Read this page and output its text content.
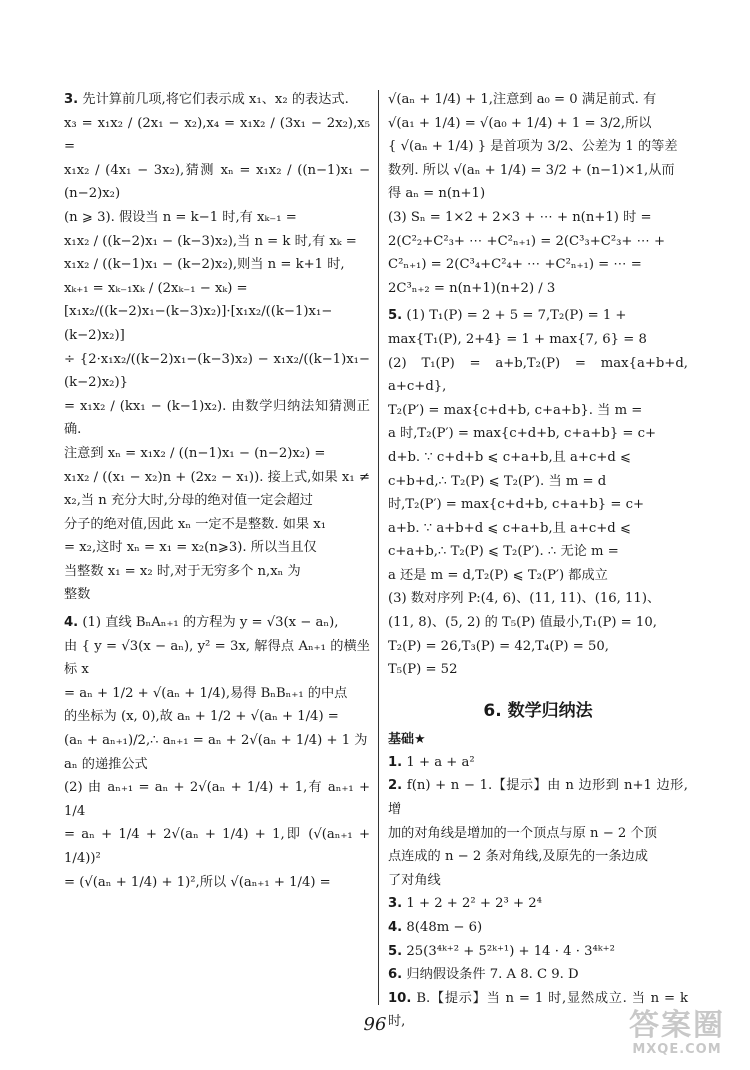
3. 先计算前几项,将它们表示成 x₁、x₂ 的表达式.
x₃ = x₁x₂ / (2x₁ − x₂),x₄ = x₁x₂ / (3x₁ − 2x₂),x₅ =
x₁x₂ / (4x₁ − 3x₂),猜测 xₙ = x₁x₂ / ((n−1)x₁ − (n−2)x₂)
(n ⩾ 3). 假设当 n = k−1 时,有 xₖ₋₁ =
x₁x₂ / ((k−2)x₁ − (k−3)x₂),当 n = k 时,有 xₖ =
x₁x₂ / ((k−1)x₁ − (k−2)x₂),则当 n = k+1 时,
xₖ₊₁ = xₖ₋₁xₖ / (2xₖ₋₁ − xₖ) =
[x₁x₂/((k−2)x₁−(k−3)x₂)]·[x₁x₂/((k−1)x₁−(k−2)x₂)]
÷ {2·x₁x₂/((k−2)x₁−(k−3)x₂) − x₁x₂/((k−1)x₁−(k−2)x₂)}
= x₁x₂ / (kx₁ − (k−1)x₂). 由数学归纳法知猜测正确.
注意到 xₙ = x₁x₂ / ((n−1)x₁ − (n−2)x₂) =
x₁x₂ / ((x₁ − x₂)n + (2x₂ − x₁)). 接上式,如果 x₁ ≠
x₂,当 n 充分大时,分母的绝对值一定会超过
分子的绝对值,因此 xₙ 一定不是整数. 如果 x₁
= x₂,这时 xₙ = x₁ = x₂(n⩾3). 所以当且仅
当整数 x₁ = x₂ 时,对于无穷多个 n,xₙ 为
整数
4. (1) 直线 BₙAₙ₊₁ 的方程为 y = √3(x − aₙ),
由 { y = √3(x − aₙ), y² = 3x, 解得点 Aₙ₊₁ 的横坐标 x
= aₙ + 1/2 + √(aₙ + 1/4),易得 BₙBₙ₊₁ 的中点
的坐标为 (x, 0),故 aₙ + 1/2 + √(aₙ + 1/4) =
(aₙ + aₙ₊₁)/2,∴ aₙ₊₁ = aₙ + 2√(aₙ + 1/4) + 1 为
aₙ 的递推公式
(2) 由 aₙ₊₁ = aₙ + 2√(aₙ + 1/4) + 1,有 aₙ₊₁ + 1/4
= aₙ + 1/4 + 2√(aₙ + 1/4) + 1,即 (√(aₙ₊₁ + 1/4))²
= (√(aₙ + 1/4) + 1)²,所以 √(aₙ₊₁ + 1/4) =
√(aₙ + 1/4) + 1,注意到 a₀ = 0 满足前式. 有
√(a₁ + 1/4) = √(a₀ + 1/4) + 1 = 3/2,所以
{ √(aₙ + 1/4) } 是首项为 3/2、公差为 1 的等差
数列. 所以 √(aₙ + 1/4) = 3/2 + (n−1)×1,从而
得 aₙ = n(n+1)
(3) Sₙ = 1×2 + 2×3 + ⋯ + n(n+1) 时 =
2(C²₂+C²₃+ ⋯ +C²ₙ₊₁) = 2(C³₃+C²₃+ ⋯ +
C²ₙ₊₁) = 2(C³₄+C²₄+ ⋯ +C²ₙ₊₁) = ⋯ =
2C³ₙ₊₂ = n(n+1)(n+2) / 3
5. (1) T₁(P) = 2 + 5 = 7,T₂(P) = 1 +
max{T₁(P), 2+4} = 1 + max{7, 6} = 8
(2) T₁(P) = a+b,T₂(P) = max{a+b+d, a+c+d},
T₂(P′) = max{c+d+b, c+a+b}. 当 m =
a 时,T₂(P′) = max{c+d+b, c+a+b} = c+
d+b. ∵ c+d+b ⩽ c+a+b,且 a+c+d ⩽
c+b+d,∴ T₂(P) ⩽ T₂(P′). 当 m = d
时,T₂(P′) = max{c+d+b, c+a+b} = c+
a+b. ∵ a+b+d ⩽ c+a+b,且 a+c+d ⩽
c+a+b,∴ T₂(P) ⩽ T₂(P′). ∴ 无论 m =
a 还是 m = d,T₂(P) ⩽ T₂(P′) 都成立
(3) 数对序列 P:(4, 6)、(11, 11)、(16, 11)、
(11, 8)、(5, 2) 的 T₅(P) 值最小,T₁(P) = 10,
T₂(P) = 26,T₃(P) = 42,T₄(P) = 50,
T₅(P) = 52
6. 数学归纳法
基础★
1. 1 + a + a²
2. f(n) + n − 1.【提示】由 n 边形到 n+1 边形,增
加的对角线是增加的一个顶点与原 n − 2 个顶
点连成的 n − 2 条对角线,及原先的一条边成
了对角线
3. 1 + 2 + 2² + 2³ + 2⁴
4. 8(48m − 6)
5. 25(3⁴ᵏ⁺² + 5²ᵏ⁺¹) + 14 · 4 · 3⁴ᵏ⁺²
6. 归纳假设条件 7. A 8. C 9. D
10. B.【提示】当 n = 1 时,显然成立. 当 n = k 时,
96	答案圈
MXQE.COM
